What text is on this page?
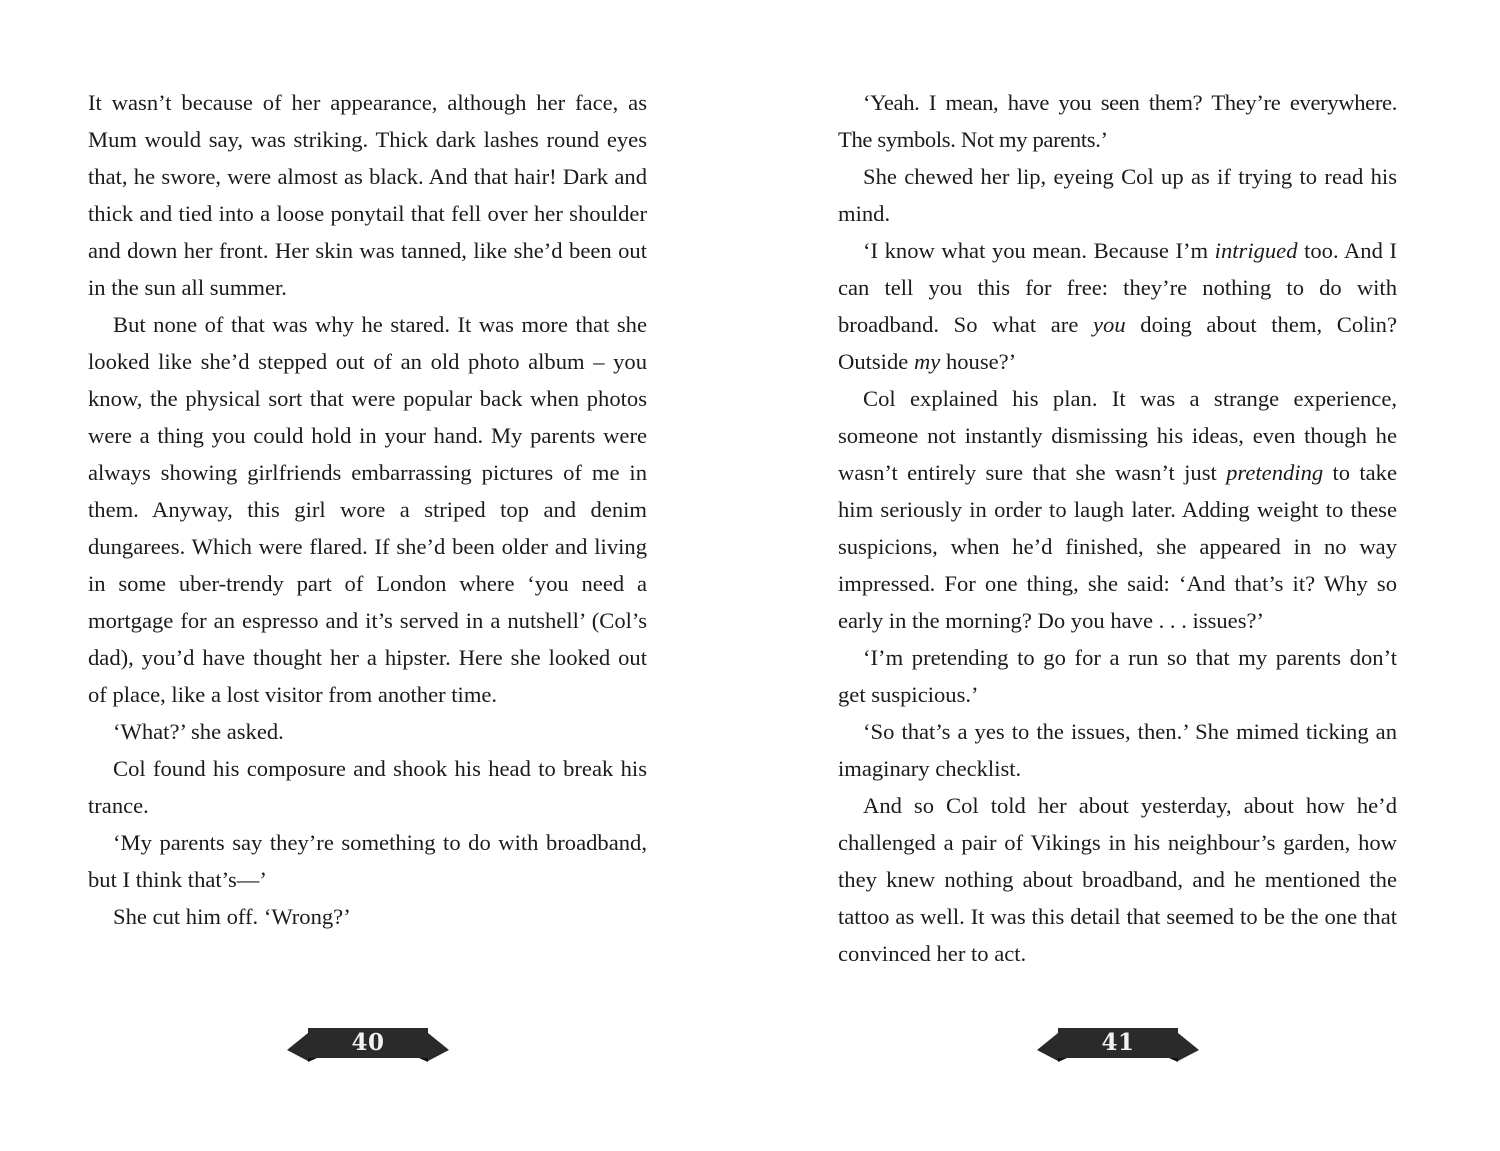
It wasn’t because of her appearance, although her face, as Mum would say, was striking. Thick dark lashes round eyes that, he swore, were almost as black. And that hair! Dark and thick and tied into a loose ponytail that fell over her shoulder and down her front. Her skin was tanned, like she’d been out in the sun all summer.

But none of that was why he stared. It was more that she looked like she’d stepped out of an old photo album – you know, the physical sort that were popular back when photos were a thing you could hold in your hand. My parents were always showing girlfriends embarrassing pictures of me in them. Anyway, this girl wore a striped top and denim dungarees. Which were flared. If she’d been older and living in some uber-trendy part of London where ‘you need a mortgage for an espresso and it’s served in a nutshell’ (Col’s dad), you’d have thought her a hipster. Here she looked out of place, like a lost visitor from another time.

‘What?’ she asked.

Col found his composure and shook his head to break his trance.

‘My parents say they’re something to do with broadband, but I think that’s—’

She cut him off. ‘Wrong?’

40

‘Yeah. I mean, have you seen them? They’re everywhere. The symbols. Not my parents.’

She chewed her lip, eyeing Col up as if trying to read his mind.

‘I know what you mean. Because I’m intrigued too. And I can tell you this for free: they’re nothing to do with broadband. So what are you doing about them, Colin? Outside my house?’

Col explained his plan. It was a strange experience, someone not instantly dismissing his ideas, even though he wasn’t entirely sure that she wasn’t just pretending to take him seriously in order to laugh later. Adding weight to these suspicions, when he’d finished, she appeared in no way impressed. For one thing, she said: ‘And that’s it? Why so early in the morning? Do you have . . . issues?’

‘I’m pretending to go for a run so that my parents don’t get suspicious.’

‘So that’s a yes to the issues, then.’ She mimed ticking an imaginary checklist.

And so Col told her about yesterday, about how he’d challenged a pair of Vikings in his neighbour’s garden, how they knew nothing about broadband, and he mentioned the tattoo as well. It was this detail that seemed to be the one that convinced her to act.

41
